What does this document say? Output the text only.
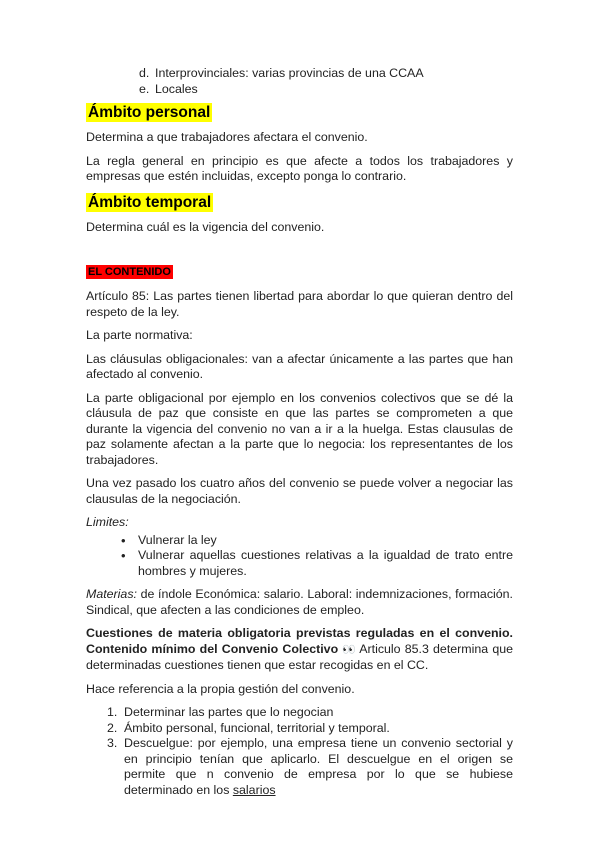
d. Interprovinciales: varias provincias de una CCAA
e. Locales
Ámbito personal

Determina a que trabajadores afectara el convenio.

La regla general en principio es que afecte a todos los trabajadores y empresas que estén incluidas, excepto ponga lo contrario.

Ámbito temporal

Determina cuál es la vigencia del convenio.

EL CONTENIDO

Artículo 85: Las partes tienen libertad para abordar lo que quieran dentro del respeto de la ley.

La parte normativa:

Las cláusulas obligacionales: van a afectar únicamente a las partes que han afectado al convenio.

La parte obligacional por ejemplo en los convenios colectivos que se dé la cláusula de paz que consiste en que las partes se comprometen a que durante la vigencia del convenio no van a ir a la huelga. Estas clausulas de paz solamente afectan a la parte que lo negocia: los representantes de los trabajadores.

Una vez pasado los cuatro años del convenio se puede volver a negociar las clausulas de la negociación.

Limites:

• Vulnerar la ley
• Vulnerar aquellas cuestiones relativas a la igualdad de trato entre hombres y mujeres.

Materias: de índole Económica: salario. Laboral: indemnizaciones, formación. Sindical, que afecten a las condiciones de empleo.

Cuestiones de materia obligatoria previstas reguladas en el convenio. Contenido mínimo del Convenio Colectivo 👀 Articulo 85.3 determina que determinadas cuestiones tienen que estar recogidas en el CC.

Hace referencia a la propia gestión del convenio.

1. Determinar las partes que lo negocian
2. Ámbito personal, funcional, territorial y temporal.
3. Descuelgue: por ejemplo, una empresa tiene un convenio sectorial y en principio tenían que aplicarlo. El descuelgue en el origen se permite que n convenio de empresa por lo que se hubiese determinado en los salarios
